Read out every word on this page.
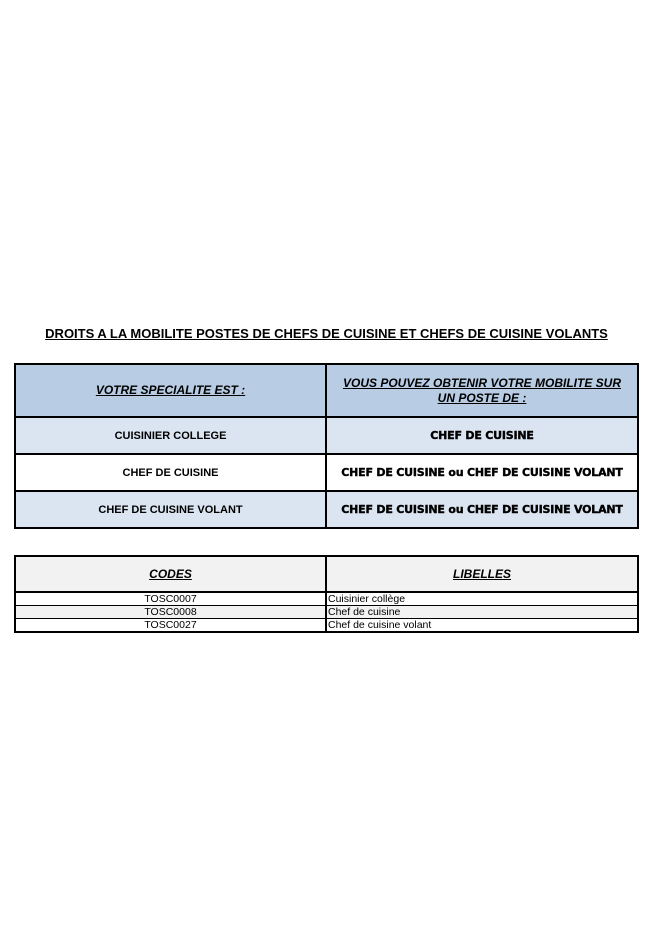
DROITS A LA MOBILITE POSTES DE CHEFS DE CUISINE ET CHEFS DE CUISINE VOLANTS
VOTRE SPECIALITE EST :	VOUS POUVEZ OBTENIR VOTRE MOBILITE SUR UN POSTE DE :
CUISINIER COLLEGE	CHEF DE CUISINE
CHEF DE CUISINE	CHEF DE CUISINE ou CHEF DE CUISINE VOLANT
CHEF DE CUISINE VOLANT	CHEF DE CUISINE ou CHEF DE CUISINE VOLANT
CODES	LIBELLES
TOSC0007	Cuisinier collège
TOSC0008	Chef de cuisine
TOSC0027	Chef de cuisine volant
